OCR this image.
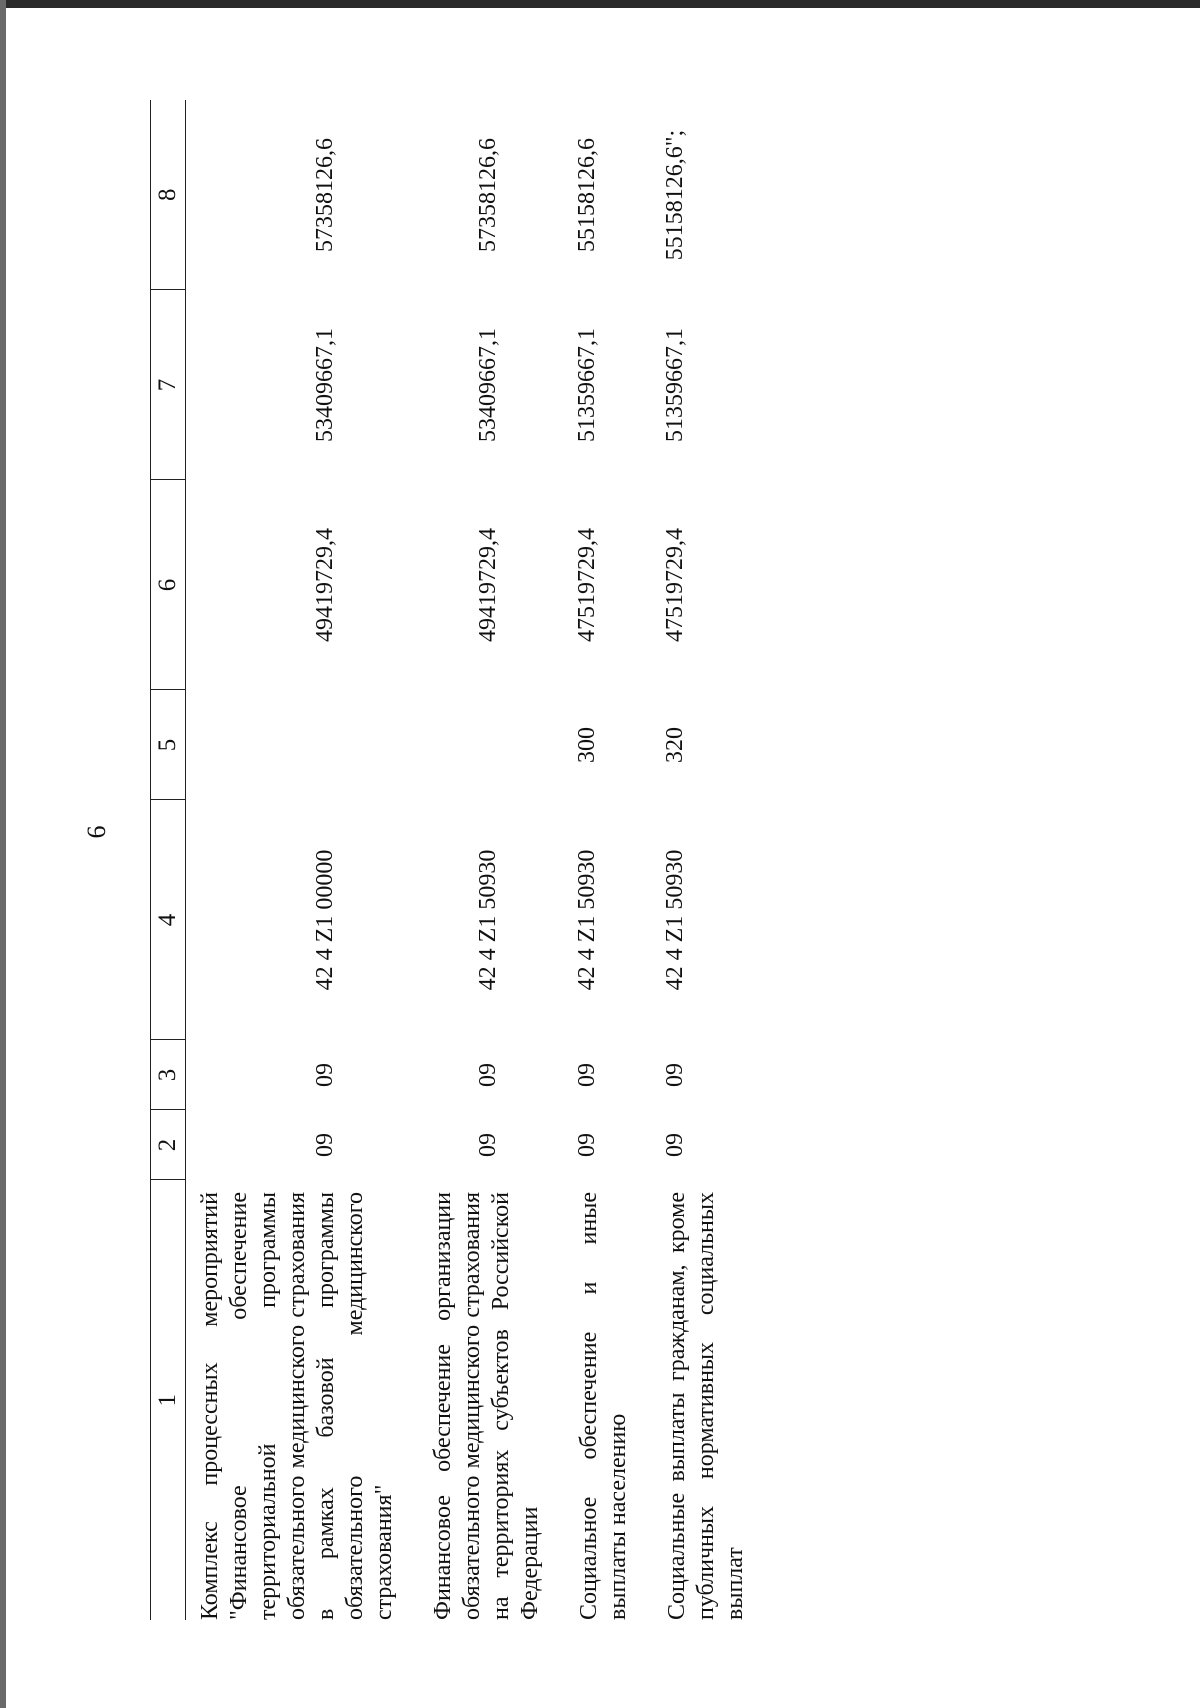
6
1	2	3	4	5	6	7	8
Комплекс процессных мероприятий "Финансовое обеспечение территориальной программы обязательного медицинского страхования в рамках базовой программы обязательного медицинского страхования"	09	09	42 4 Z1 00000		49419729,4	53409667,1	57358126,6
Финансовое обеспечение организации обязательного медицинского страхования на территориях субъектов Российской Федерации	09	09	42 4 Z1 50930		49419729,4	53409667,1	57358126,6
Социальное обеспечение и иные выплаты населению	09	09	42 4 Z1 50930	300	47519729,4	51359667,1	55158126,6
Социальные выплаты гражданам, кроме публичных нормативных социальных выплат	09	09	42 4 Z1 50930	320	47519729,4	51359667,1	55158126,6";
